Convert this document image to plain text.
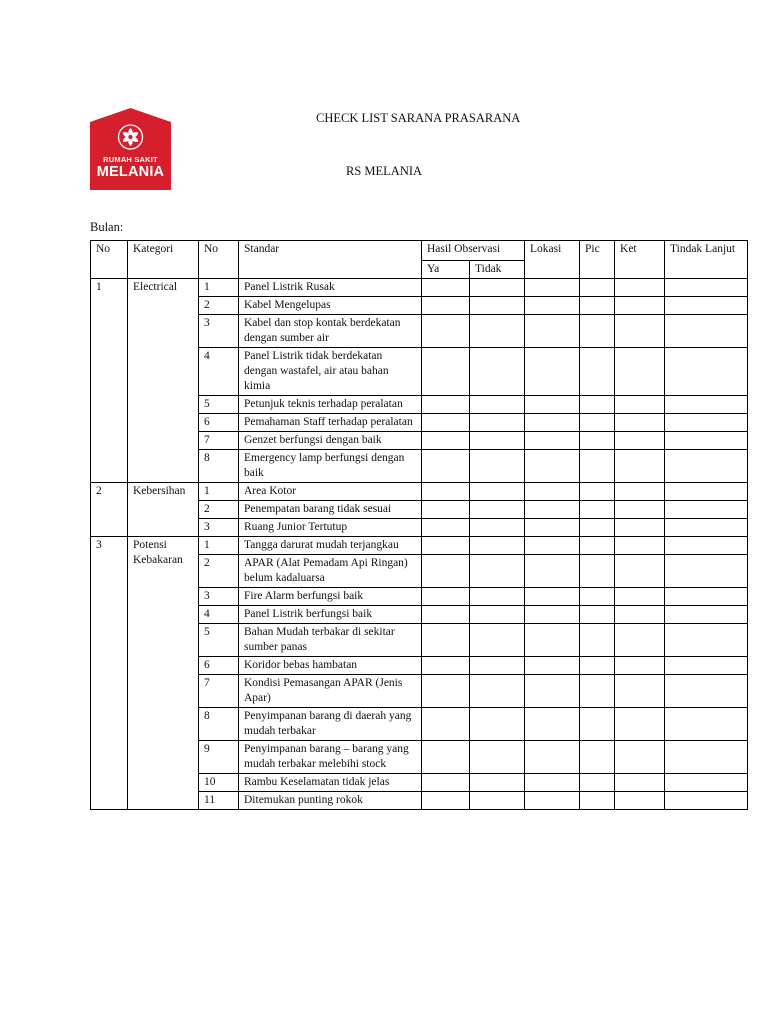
RUMAH SAKIT
MELANIA
CHECK LIST SARANA PRASARANA
RS MELANIA
Bulan:
No	Kategori	No	Standar	Hasil Observasi		Lokasi	Pic	Ket	Tindak Lanjut
				Ya	Tidak				
1	Electrical	1	Panel Listrik Rusak						
		2	Kabel Mengelupas						
		3	Kabel dan stop kontak berdekatan dengan sumber air						
		4	Panel Listrik tidak berdekatan dengan wastafel, air atau bahan kimia						
		5	Petunjuk teknis terhadap peralatan						
		6	Pemahaman Staff terhadap peralatan						
		7	Genzet berfungsi dengan baik						
		8	Emergency lamp berfungsi dengan baik						
2	Kebersihan	1	Area Kotor						
		2	Penempatan barang tidak sesuai						
		3	Ruang Junior Tertutup						
3	Potensi Kebakaran	1	Tangga darurat mudah terjangkau						
		2	APAR (Alat Pemadam Api Ringan) belum kadaluarsa						
		3	Fire Alarm berfungsi baik						
		4	Panel Listrik berfungsi baik						
		5	Bahan Mudah terbakar di sekitar sumber panas						
		6	Koridor bebas hambatan						
		7	Kondisi Pemasangan APAR (Jenis Apar)						
		8	Penyimpanan barang di daerah yang mudah terbakar						
		9	Penyimpanan barang – barang yang mudah terbakar melebihi stock						
		10	Rambu Keselamatan tidak jelas						
		11	Ditemukan punting rokok						
